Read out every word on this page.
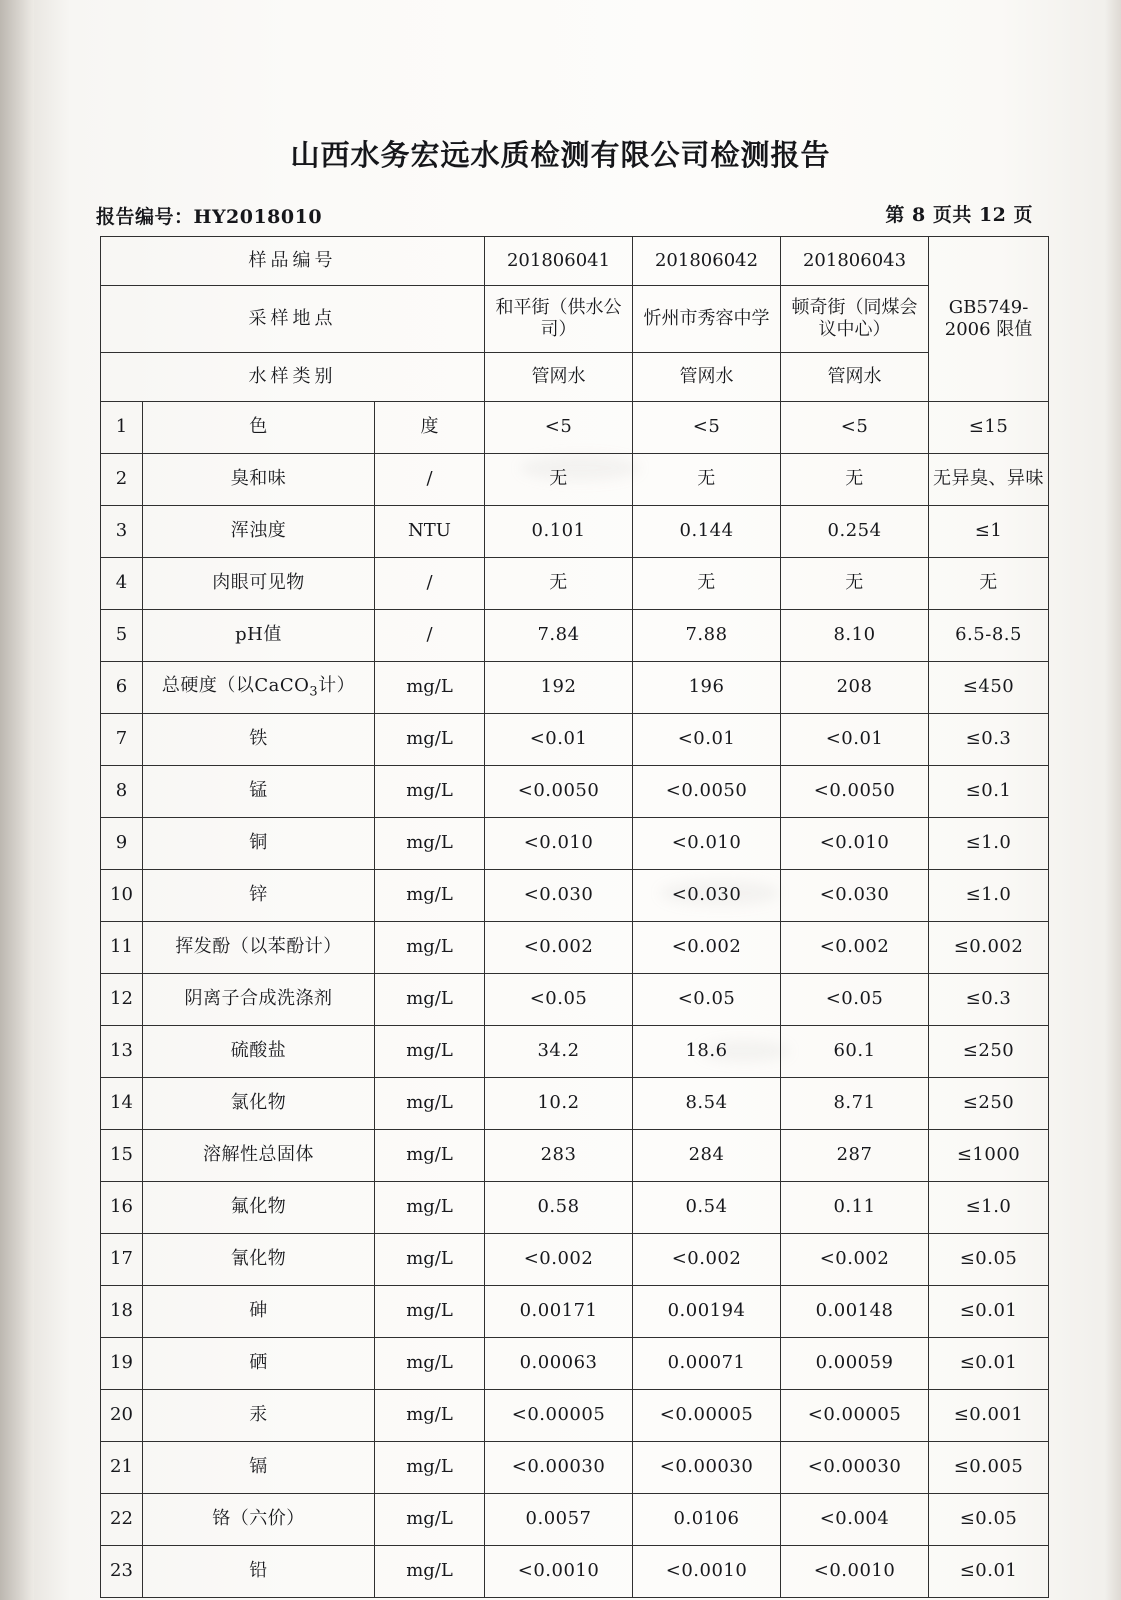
山西水务宏远水质检测有限公司检测报告
报告编号：HY2018010	第 8 页共 12 页
样品编号			201806041	201806042	201806043	GB5749-2006 限值
采样地点			和平街（供水公司）	忻州市秀容中学	顿奇街（同煤会议中心）	
水样类别			管网水	管网水	管网水	
1	色	度	<5	<5	<5	≤15
2	臭和味	/	无	无	无	无异臭、异味
3	浑浊度	NTU	0.101	0.144	0.254	≤1
4	肉眼可见物	/	无	无	无	无
5	pH值	/	7.84	7.88	8.10	6.5-8.5
6	总硬度（以CaCO$_3$计）	mg/L	192	196	208	≤450
7	铁	mg/L	<0.01	<0.01	<0.01	≤0.3
8	锰	mg/L	<0.0050	<0.0050	<0.0050	≤0.1
9	铜	mg/L	<0.010	<0.010	<0.010	≤1.0
10	锌	mg/L	<0.030	<0.030	<0.030	≤1.0
11	挥发酚（以苯酚计）	mg/L	<0.002	<0.002	<0.002	≤0.002
12	阴离子合成洗涤剂	mg/L	<0.05	<0.05	<0.05	≤0.3
13	硫酸盐	mg/L	34.2	18.6	60.1	≤250
14	氯化物	mg/L	10.2	8.54	8.71	≤250
15	溶解性总固体	mg/L	283	284	287	≤1000
16	氟化物	mg/L	0.58	0.54	0.11	≤1.0
17	氰化物	mg/L	<0.002	<0.002	<0.002	≤0.05
18	砷	mg/L	0.00171	0.00194	0.00148	≤0.01
19	硒	mg/L	0.00063	0.00071	0.00059	≤0.01
20	汞	mg/L	<0.00005	<0.00005	<0.00005	≤0.001
21	镉	mg/L	<0.00030	<0.00030	<0.00030	≤0.005
22	铬（六价）	mg/L	0.0057	0.0106	<0.004	≤0.05
23	铅	mg/L	<0.0010	<0.0010	<0.0010	≤0.01
